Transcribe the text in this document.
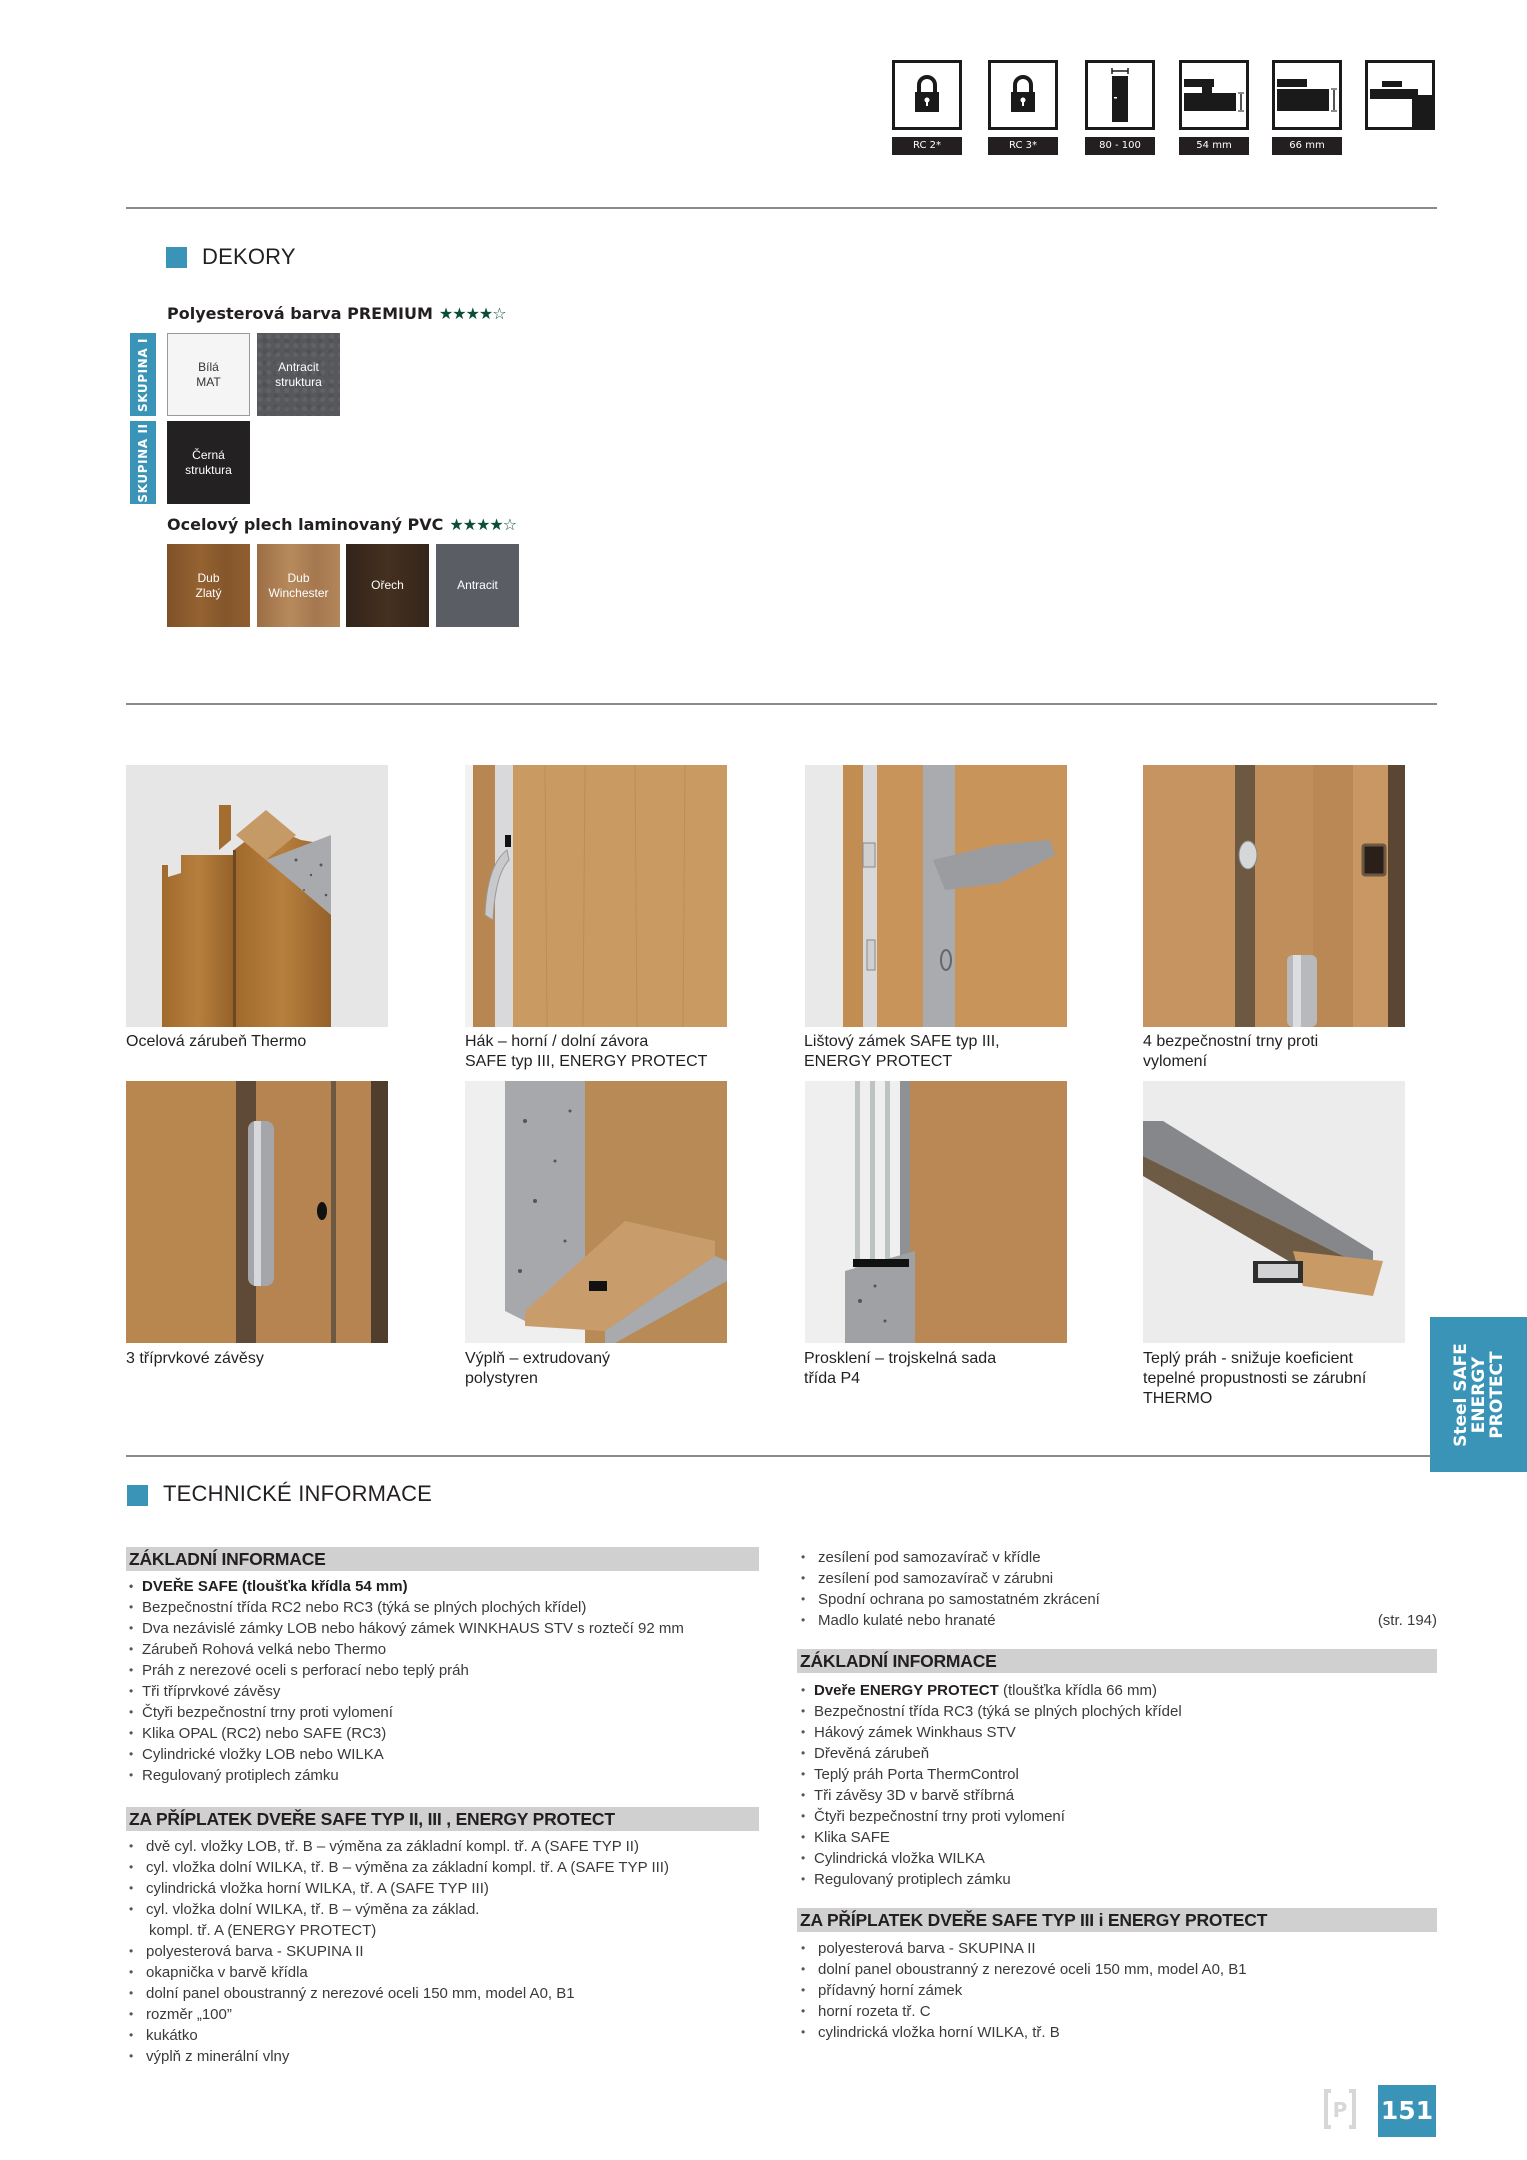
RC 2*	RC 3*	80 - 100	54 mm	66 mm
DEKORY
Polyesterová barva PREMIUM ★★★★☆
SKUPINA I
SKUPINA II
Bílá
MAT
Antracit
struktura
Černá
struktura
Ocelový plech laminovaný PVC ★★★★☆
Dub
Zlatý
Dub
Winchester
Ořech	Antracit
Ocelová zárubeň Thermo	Hák – horní / dolní závora
SAFE typ III, ENERGY PROTECT
Lištový zámek SAFE typ III,
ENERGY PROTECT
4 bezpečnostní trny proti
vylomení
3 tříprvkové závěsy	Výplň – extrudovaný
polystyren
Prosklení – trojskelná sada
třída P4
Teplý práh - snižuje koeficient
tepelné propustnosti se zárubní
THERMO	Steel SAFE
ENERGY
PROTECT
TECHNICKÉ INFORMACE
ZÁKLADNÍ INFORMACE
• DVEŘE SAFE (tloušťka křídla 54 mm)
• Bezpečnostní třída RC2 nebo RC3 (týká se plných plochých křídel)
• Dva nezávislé zámky LOB nebo hákový zámek WINKHAUS STV s roztečí 92 mm
• Zárubeň Rohová velká nebo Thermo
• Práh z nerezové oceli s perforací nebo teplý práh
• Tři tříprvkové závěsy
• Čtyři bezpečnostní trny proti vylomení
• Klika OPAL (RC2) nebo SAFE (RC3)
• Cylindrické vložky LOB nebo WILKA
• Regulovaný protiplech zámku
ZA PŘÍPLATEK DVEŘE SAFE TYP II, III , ENERGY PROTECT
• dvě cyl. vložky LOB, tř. B – výměna za základní kompl. tř. A (SAFE TYP II)
• cyl. vložka dolní WILKA, tř. B – výměna za základní kompl. tř. A (SAFE TYP III)
• cylindrická vložka horní WILKA, tř. A (SAFE TYP III)
• cyl. vložka dolní WILKA, tř. B – výměna za základ.
kompl. tř. A (ENERGY PROTECT)
• polyesterová barva - SKUPINA II
• okapnička v barvě křídla
• dolní panel oboustranný z nerezové oceli 150 mm, model A0, B1
• rozměr „100”
• kukátko
• výplň z minerální vlny
• zesílení pod samozavírač v křídle
• zesílení pod samozavírač v zárubni
• Spodní ochrana po samostatném zkrácení
• Madlo kulaté nebo hranaté	(str. 194)
ZÁKLADNÍ INFORMACE
• Dveře ENERGY PROTECT (tloušťka křídla 66 mm)
• Bezpečnostní třída RC3 (týká se plných plochých křídel
• Hákový zámek Winkhaus STV
• Dřevěná zárubeň
• Teplý práh Porta ThermControl
• Tři závěsy 3D v barvě stříbrná
• Čtyři bezpečnostní trny proti vylomení
• Klika SAFE
• Cylindrická vložka WILKA
• Regulovaný protiplech zámku
ZA PŘÍPLATEK DVEŘE SAFE TYP III i ENERGY PROTECT
• polyesterová barva - SKUPINA II
• dolní panel oboustranný z nerezové oceli 150 mm, model A0, B1
• přídavný horní zámek
• horní rozeta tř. C
• cylindrická vložka horní WILKA, tř. B
P 151
